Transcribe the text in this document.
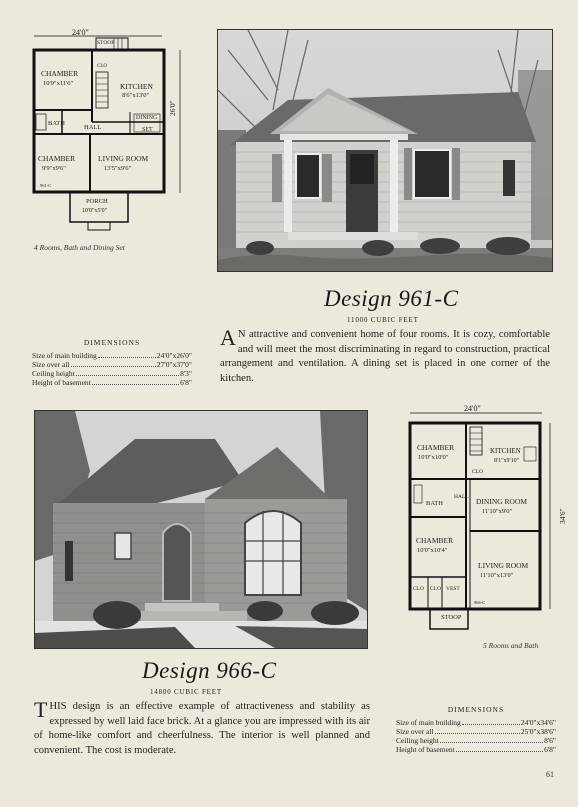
24'0"
26'0"
STOOP
CHAMBER
10'9"x11'6"
CLO
KITCHEN
8'6"x13'0"
BATH
HALL
DINING
SET
CHAMBER
9'9"x9'6"
LIVING ROOM
13'5"x9'6"
961-C
PORCH
10'0"x5'0"
4 Rooms, Bath and Dining Set
Design 961-C
11000 CUBIC FEET
A N attractive and convenient home of four rooms. It is cozy, comfortable and will meet the most discriminating in regard to construction, practical arrangement and ventilation. A dining set is placed in one corner of the kitchen.
DIMENSIONS
Size of main building	24'0"x26'0"
Size over all	27'0"x37'0"
Ceiling height	8'3"
Height of basement	6'8"
24'0"
34'6"
CHAMBER
10'0"x10'0"
KITCHEN
8'1"x9'10"
CLO
BATH
HALL DINING ROOM
11'10"x9'0"
CHAMBER
10'0"x10'4"
LIVING ROOM
11'10"x13'0"
CLO CLO VEST
966-C
STOOP
5 Rooms and Bath
Design 966-C
14800 CUBIC FEET
THIS design is an effective example of attractiveness and stability as expressed by well laid face brick. At a glance you are impressed with its air of home-like comfort and cheerfulness. The interior is well planned and convenient. The cost is moderate.
DIMENSIONS
Size of main building	24'0"x34'6"
Size over all	25'0"x38'6"
Ceiling height	8'6"
Height of basement	6'8"
61
